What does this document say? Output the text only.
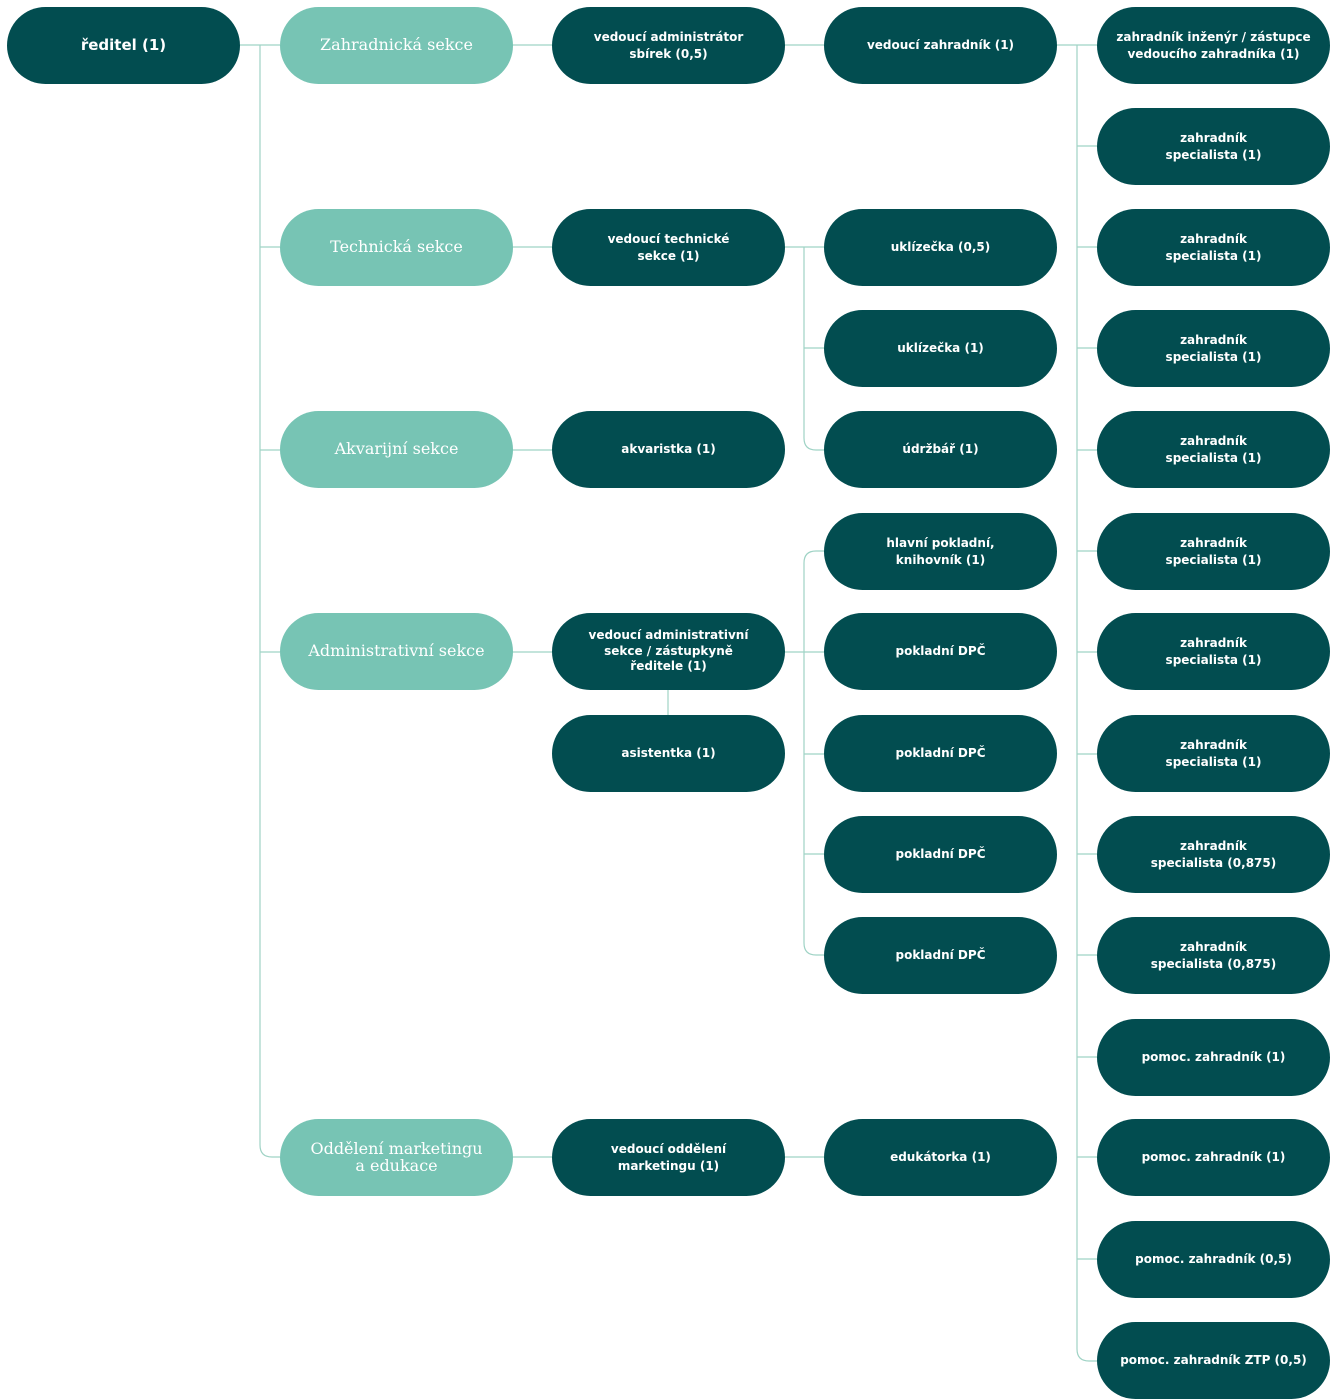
ředitel (1)	Zahradnická sekce
Technická sekce
Akvarijní sekce
Administrativní sekce
Oddělení marketingu
a edukace
vedoucí administrátor
sbírek (0,5)
vedoucí technické
sekce (1)
akvaristka (1)
vedoucí administrativní
sekce / zástupkyně
ředitele (1)
asistentka (1)
vedoucí oddělení
marketingu (1)
vedoucí zahradník (1)
uklízečka (0,5)
uklízečka (1)
údržbář (1)
hlavní pokladní,
knihovník (1)
pokladní DPČ
pokladní DPČ
pokladní DPČ
pokladní DPČ
edukátorka (1)
zahradník inženýr / zástupce
vedoucího zahradníka (1)
zahradník
specialista (1)
zahradník
specialista (1)
zahradník
specialista (1)
zahradník
specialista (1)
zahradník
specialista (1)
zahradník
specialista (1)
zahradník
specialista (1)
zahradník
specialista (0,875)
zahradník
specialista (0,875)
pomoc. zahradník (1)
pomoc. zahradník (1)
pomoc. zahradník (0,5)
pomoc. zahradník ZTP (0,5)
